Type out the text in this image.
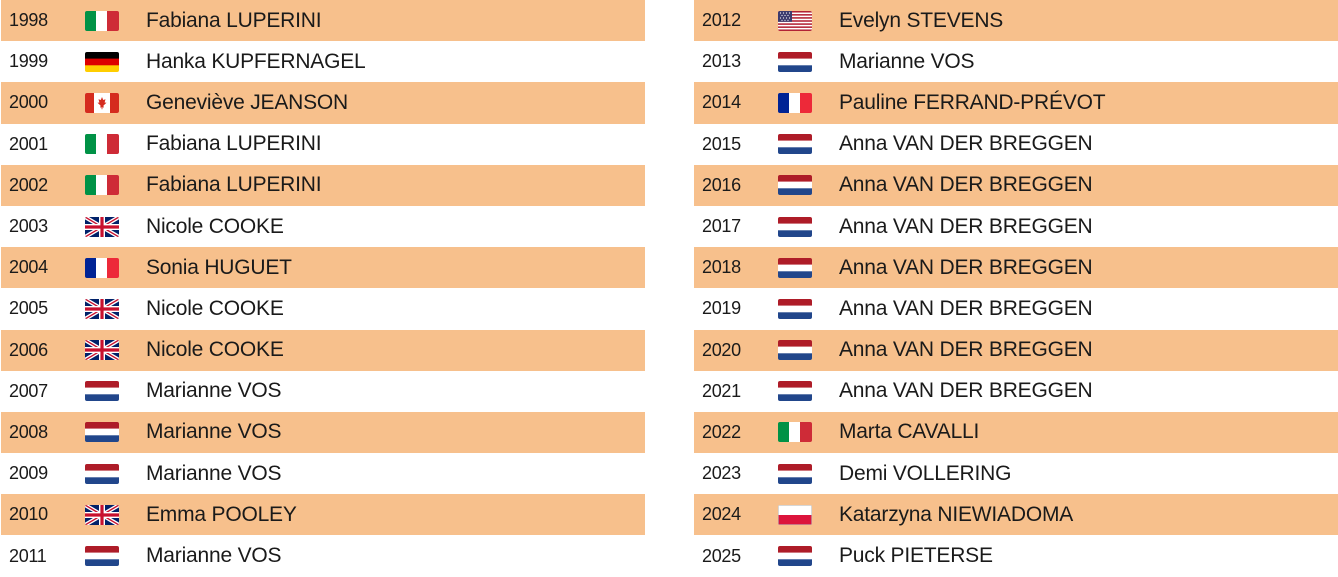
1998	Fabiana LUPERINI
1999	Hanka KUPFERNAGEL
2000	Geneviève JEANSON
2001	Fabiana LUPERINI
2002	Fabiana LUPERINI
2003	Nicole COOKE
2004	Sonia HUGUET
2005	Nicole COOKE
2006	Nicole COOKE
2007	Marianne VOS
2008	Marianne VOS
2009	Marianne VOS
2010	Emma POOLEY
2011	Marianne VOS
2012	Evelyn STEVENS
2013	Marianne VOS
2014	Pauline FERRAND-PRÉVOT
2015	Anna VAN DER BREGGEN
2016	Anna VAN DER BREGGEN
2017	Anna VAN DER BREGGEN
2018	Anna VAN DER BREGGEN
2019	Anna VAN DER BREGGEN
2020	Anna VAN DER BREGGEN
2021	Anna VAN DER BREGGEN
2022	Marta CAVALLI
2023	Demi VOLLERING
2024	Katarzyna NIEWIADOMA
2025	Puck PIETERSE
